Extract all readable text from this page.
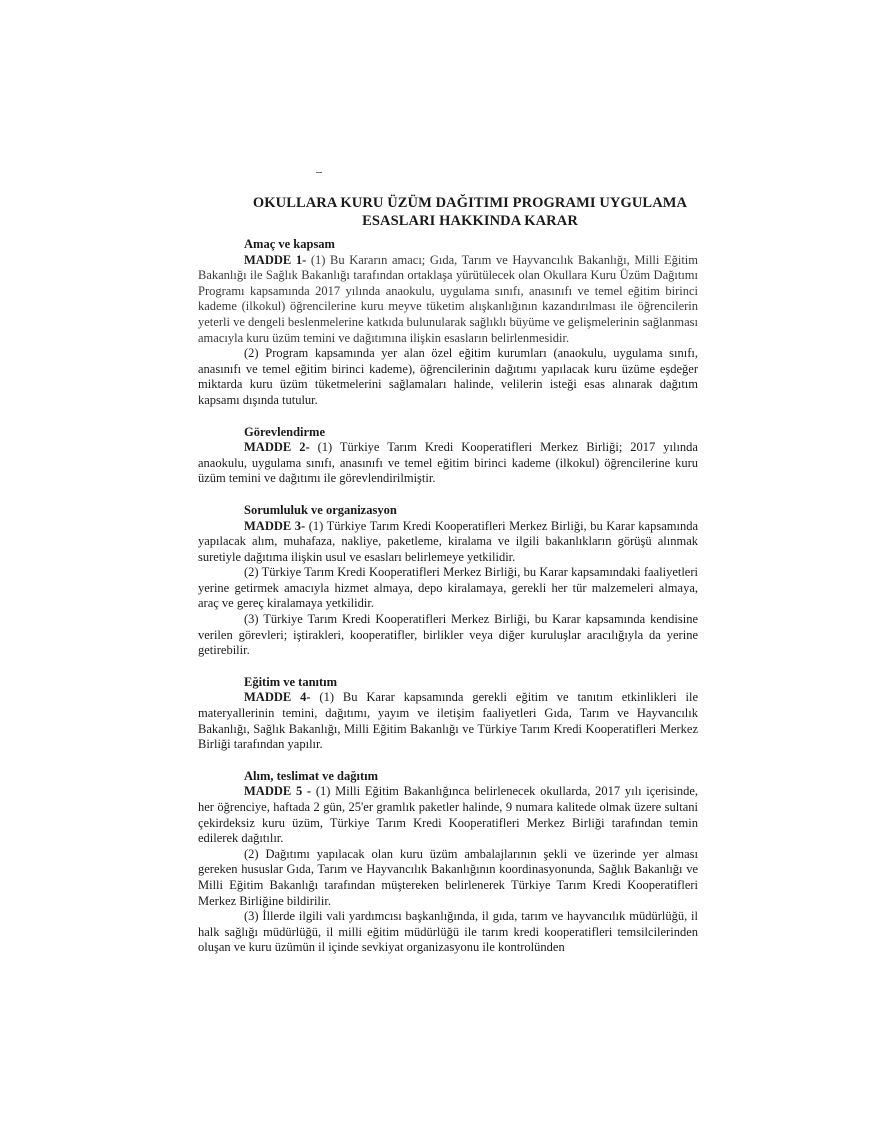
OKULLARA KURU ÜZÜM DAĞITIMI PROGRAMI UYGULAMA
ESASLARI HAKKINDA KARAR
Amaç ve kapsam

MADDE 1- (1) Bu Kararın amacı; Gıda, Tarım ve Hayvancılık Bakanlığı, Milli Eğitim Bakanlığı ile Sağlık Bakanlığı tarafından ortaklaşa yürütülecek olan Okullara Kuru Üzüm Dağıtımı Programı kapsamında 2017 yılında anaokulu, uygulama sınıfı, anasınıfı ve temel eğitim birinci kademe (ilkokul) öğrencilerine kuru meyve tüketim alışkanlığının kazandırılması ile öğrencilerin yeterli ve dengeli beslenmelerine katkıda bulunularak sağlıklı büyüme ve gelişmelerinin sağlanması amacıyla kuru üzüm temini ve dağıtımına ilişkin esasların belirlenmesidir.

(2) Program kapsamında yer alan özel eğitim kurumları (anaokulu, uygulama sınıfı, anasınıfı ve temel eğitim birinci kademe), öğrencilerinin dağıtımı yapılacak kuru üzüme eşdeğer miktarda kuru üzüm tüketmelerini sağlamaları halinde, velilerin isteği esas alınarak dağıtım kapsamı dışında tutulur.

Görevlendirme

MADDE 2- (1) Türkiye Tarım Kredi Kooperatifleri Merkez Birliği; 2017 yılında anaokulu, uygulama sınıfı, anasınıfı ve temel eğitim birinci kademe (ilkokul) öğrencilerine kuru üzüm temini ve dağıtımı ile görevlendirilmiştir.

Sorumluluk ve organizasyon

MADDE 3- (1) Türkiye Tarım Kredi Kooperatifleri Merkez Birliği, bu Karar kapsamında yapılacak alım, muhafaza, nakliye, paketleme, kiralama ve ilgili bakanlıkların görüşü alınmak suretiyle dağıtıma ilişkin usul ve esasları belirlemeye yetkilidir.

(2) Türkiye Tarım Kredi Kooperatifleri Merkez Birliği, bu Karar kapsamındaki faaliyetleri yerine getirmek amacıyla hizmet almaya, depo kiralamaya, gerekli her tür malzemeleri almaya, araç ve gereç kiralamaya yetkilidir.

(3) Türkiye Tarım Kredi Kooperatifleri Merkez Birliği, bu Karar kapsamında kendisine verilen görevleri; iştirakleri, kooperatifler, birlikler veya diğer kuruluşlar aracılığıyla da yerine getirebilir.

Eğitim ve tanıtım

MADDE 4- (1) Bu Karar kapsamında gerekli eğitim ve tanıtım etkinlikleri ile materyallerinin temini, dağıtımı, yayım ve iletişim faaliyetleri Gıda, Tarım ve Hayvancılık Bakanlığı, Sağlık Bakanlığı, Milli Eğitim Bakanlığı ve Türkiye Tarım Kredi Kooperatifleri Merkez Birliği tarafından yapılır.

Alım, teslimat ve dağıtım

MADDE 5 - (1) Milli Eğitim Bakanlığınca belirlenecek okullarda, 2017 yılı içerisinde, her öğrenciye, haftada 2 gün, 25'er gramlık paketler halinde, 9 numara kalitede olmak üzere sultani çekirdeksiz kuru üzüm, Türkiye Tarım Kredi Kooperatifleri Merkez Birliği tarafından temin edilerek dağıtılır.

(2) Dağıtımı yapılacak olan kuru üzüm ambalajlarının şekli ve üzerinde yer alması gereken hususlar Gıda, Tarım ve Hayvancılık Bakanlığının koordinasyonunda, Sağlık Bakanlığı ve Milli Eğitim Bakanlığı tarafından müştereken belirlenerek Türkiye Tarım Kredi Kooperatifleri Merkez Birliğine bildirilir.

(3) İllerde ilgili vali yardımcısı başkanlığında, il gıda, tarım ve hayvancılık müdürlüğü, il halk sağlığı müdürlüğü, il milli eğitim müdürlüğü ile tarım kredi kooperatifleri temsilcilerinden oluşan ve kuru üzümün il içinde sevkiyat organizasyonu ile kontrolünden
